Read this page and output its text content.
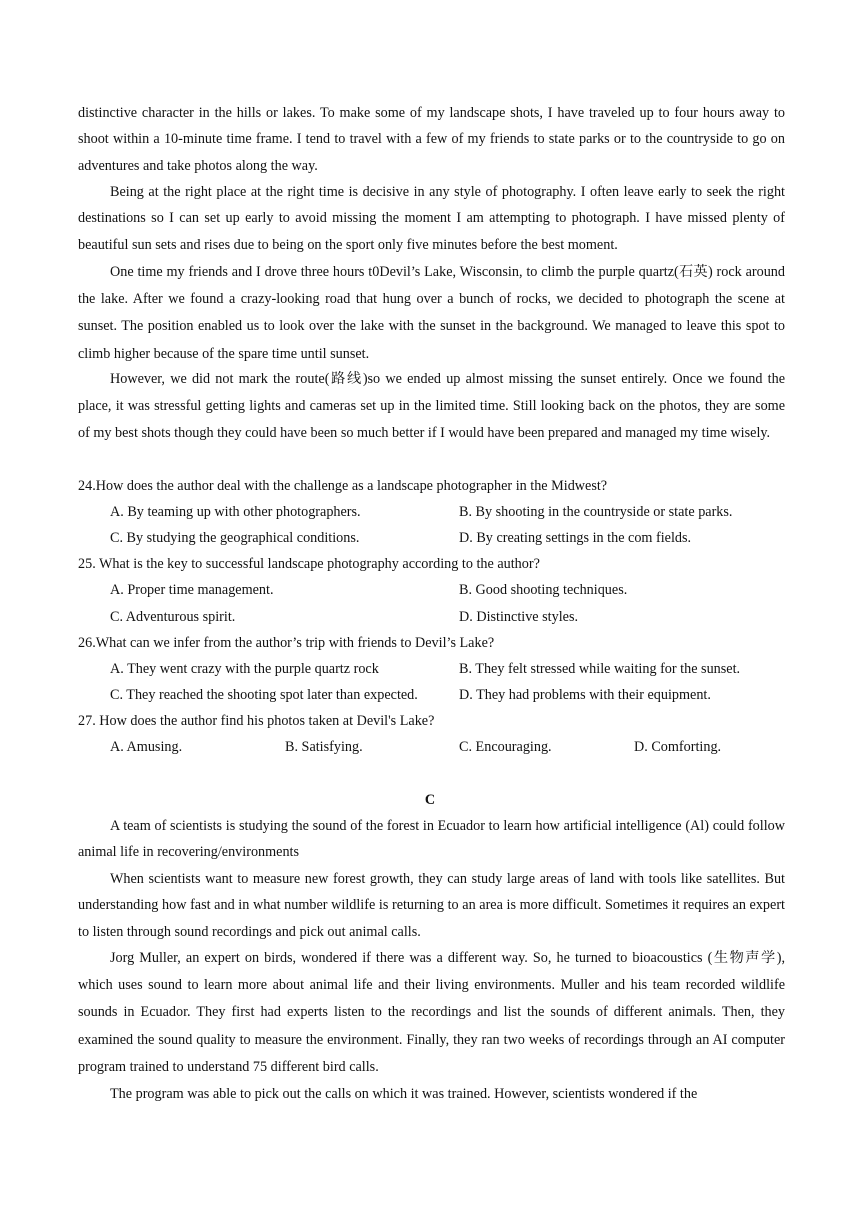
distinctive character in the hills or lakes. To make some of my landscape shots, I have traveled up to four hours away to shoot within a 10-minute time frame. I tend to travel with a few of my friends to state parks or to the countryside to go on adventures and take photos along the way.

Being at the right place at the right time is decisive in any style of photography. I often leave early to seek the right destinations so I can set up early to avoid missing the moment I am attempting to photograph. I have missed plenty of beautiful sun sets and rises due to being on the sport only five minutes before the best moment.

One time my friends and I drove three hours t0Devil’s Lake, Wisconsin, to climb the purple quartz(石英) rock around the lake. After we found a crazy-looking road that hung over a bunch of rocks, we decided to photograph the scene at sunset. The position enabled us to look over the lake with the sunset in the background. We managed to leave this spot to climb higher because of the spare time until sunset.

However, we did not mark the route(路线)so we ended up almost missing the sunset entirely. Once we found the place, it was stressful getting lights and cameras set up in the limited time. Still looking back on the photos, they are some of my best shots though they could have been so much better if I would have been prepared and managed my time wisely.

24.How does the author deal with the challenge as a landscape photographer in the Midwest?
A. By teaming up with other photographers.	B. By shooting in the countryside or state parks.
C. By studying the geographical conditions.	D. By creating settings in the com fields.
25. What is the key to successful landscape photography according to the author?
A. Proper time management.	B. Good shooting techniques.
C. Adventurous spirit.	D. Distinctive styles.
26.What can we infer from the author’s trip with friends to Devil’s Lake?
A. They went crazy with the purple quartz rock	B. They felt stressed while waiting for the sunset.
C. They reached the shooting spot later than expected.	D. They had problems with their equipment.
27. How does the author find his photos taken at Devil's Lake?
A. Amusing.	B. Satisfying.	C. Encouraging.	D. Comforting.
C

A team of scientists is studying the sound of the forest in Ecuador to learn how artificial intelligence (Al) could follow animal life in recovering/environments

When scientists want to measure new forest growth, they can study large areas of land with tools like satellites. But understanding how fast and in what number wildlife is returning to an area is more difficult. Sometimes it requires an expert to listen through sound recordings and pick out animal calls.

Jorg Muller, an expert on birds, wondered if there was a different way. So, he turned to bioacoustics (生物声学), which uses sound to learn more about animal life and their living environments. Muller and his team recorded wildlife sounds in Ecuador. They first had experts listen to the recordings and list the sounds of different animals. Then, they examined the sound quality to measure the environment. Finally, they ran two weeks of recordings through an AI computer program trained to understand 75 different bird calls.

The program was able to pick out the calls on which it was trained. However, scientists wondered if the
